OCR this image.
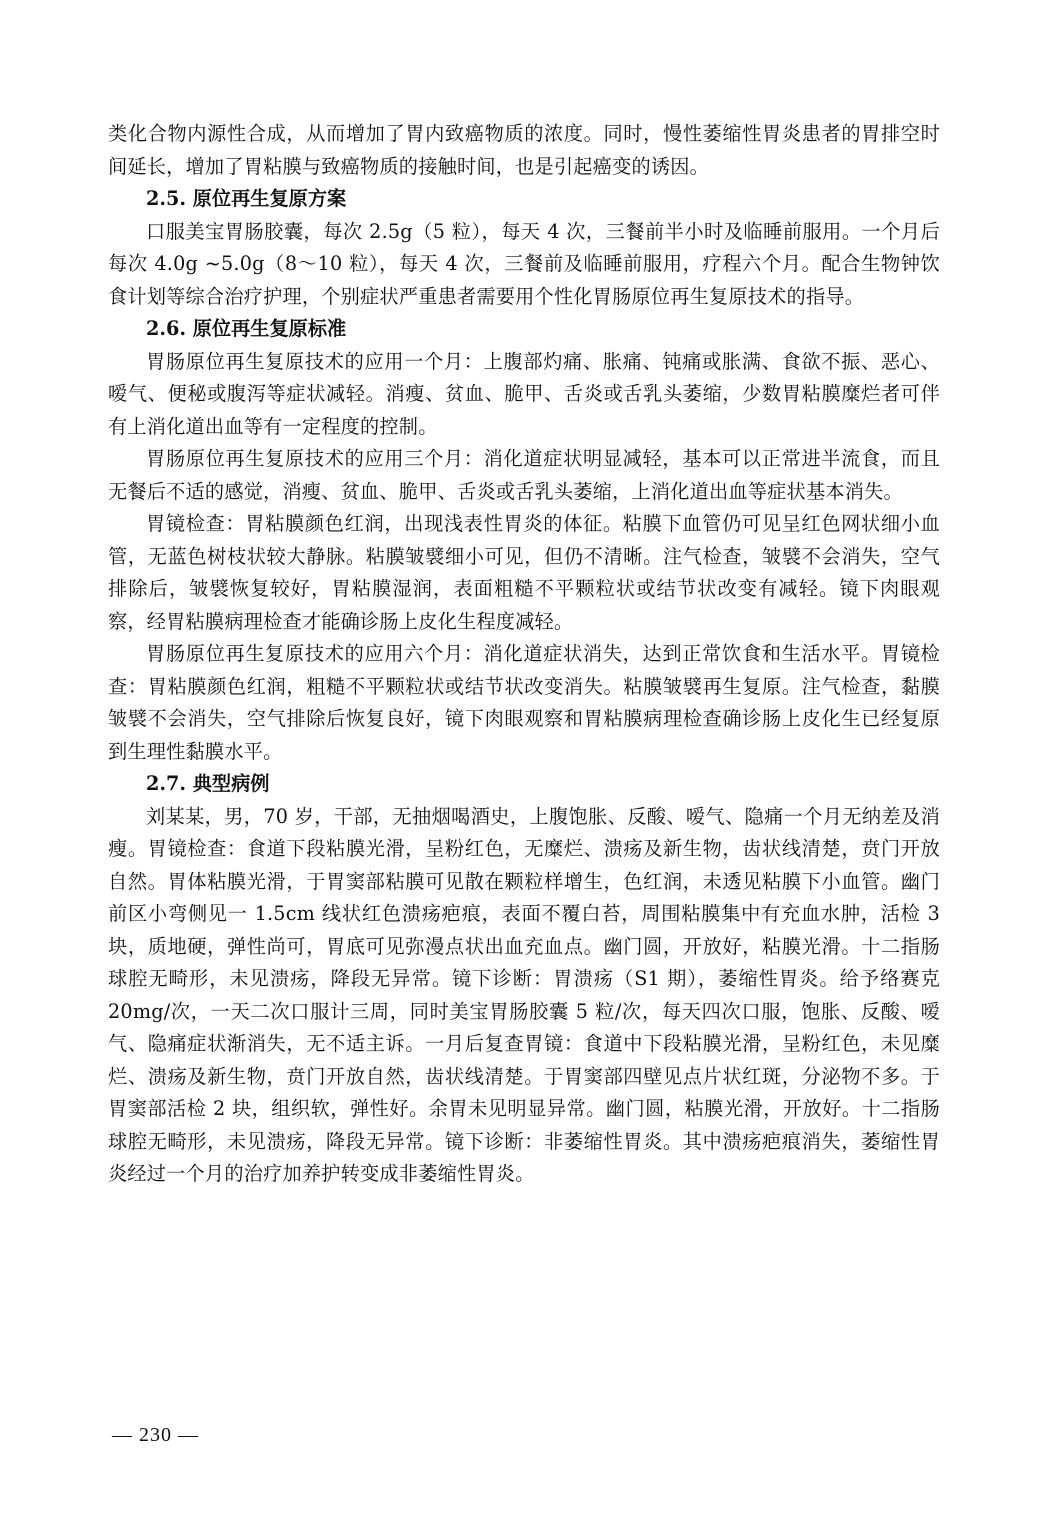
类化合物内源性合成，从而增加了胃内致癌物质的浓度。同时，慢性萎缩性胃炎患者的胃排空时间延长，增加了胃粘膜与致癌物质的接触时间，也是引起癌变的诱因。

2.5. 原位再生复原方案

口服美宝胃肠胶囊，每次 2.5g（5 粒），每天 4 次，三餐前半小时及临睡前服用。一个月后每次 4.0g ~5.0g（8～10 粒），每天 4 次，三餐前及临睡前服用，疗程六个月。配合生物钟饮食计划等综合治疗护理，个别症状严重患者需要用个性化胃肠原位再生复原技术的指导。

2.6. 原位再生复原标准

胃肠原位再生复原技术的应用一个月：上腹部灼痛、胀痛、钝痛或胀满、食欲不振、恶心、嗳气、便秘或腹泻等症状减轻。消瘦、贫血、脆甲、舌炎或舌乳头萎缩，少数胃粘膜糜烂者可伴有上消化道出血等有一定程度的控制。

胃肠原位再生复原技术的应用三个月：消化道症状明显减轻，基本可以正常进半流食，而且无餐后不适的感觉，消瘦、贫血、脆甲、舌炎或舌乳头萎缩，上消化道出血等症状基本消失。

胃镜检查：胃粘膜颜色红润，出现浅表性胃炎的体征。粘膜下血管仍可见呈红色网状细小血管，无蓝色树枝状较大静脉。粘膜皱襞细小可见，但仍不清晰。注气检查，皱襞不会消失，空气排除后，皱襞恢复较好，胃粘膜湿润，表面粗糙不平颗粒状或结节状改变有减轻。镜下肉眼观察，经胃粘膜病理检查才能确诊肠上皮化生程度减轻。

胃肠原位再生复原技术的应用六个月：消化道症状消失，达到正常饮食和生活水平。胃镜检查：胃粘膜颜色红润，粗糙不平颗粒状或结节状改变消失。粘膜皱襞再生复原。注气检查，黏膜皱襞不会消失，空气排除后恢复良好，镜下肉眼观察和胃粘膜病理检查确诊肠上皮化生已经复原到生理性黏膜水平。

2.7. 典型病例

刘某某，男，70 岁，干部，无抽烟喝酒史，上腹饱胀、反酸、嗳气、隐痛一个月无纳差及消瘦。胃镜检查：食道下段粘膜光滑，呈粉红色，无糜烂、溃疡及新生物，齿状线清楚，贲门开放自然。胃体粘膜光滑，于胃窦部粘膜可见散在颗粒样增生，色红润，未透见粘膜下小血管。幽门前区小弯侧见一 1.5cm 线状红色溃疡疤痕，表面不覆白苔，周围粘膜集中有充血水肿，活检 3 块，质地硬，弹性尚可，胃底可见弥漫点状出血充血点。幽门圆，开放好，粘膜光滑。十二指肠球腔无畸形，未见溃疡，降段无异常。镜下诊断：胃溃疡（S1 期），萎缩性胃炎。给予络赛克 20mg/次，一天二次口服计三周，同时美宝胃肠胶囊 5 粒/次，每天四次口服，饱胀、反酸、嗳气、隐痛症状渐消失，无不适主诉。一月后复查胃镜：食道中下段粘膜光滑，呈粉红色，未见糜烂、溃疡及新生物，贲门开放自然，齿状线清楚。于胃窦部四壁见点片状红斑，分泌物不多。于胃窦部活检 2 块，组织软，弹性好。余胃未见明显异常。幽门圆，粘膜光滑，开放好。十二指肠球腔无畸形，未见溃疡，降段无异常。镜下诊断：非萎缩性胃炎。其中溃疡疤痕消失，萎缩性胃炎经过一个月的治疗加养护转变成非萎缩性胃炎。

— 230 —
